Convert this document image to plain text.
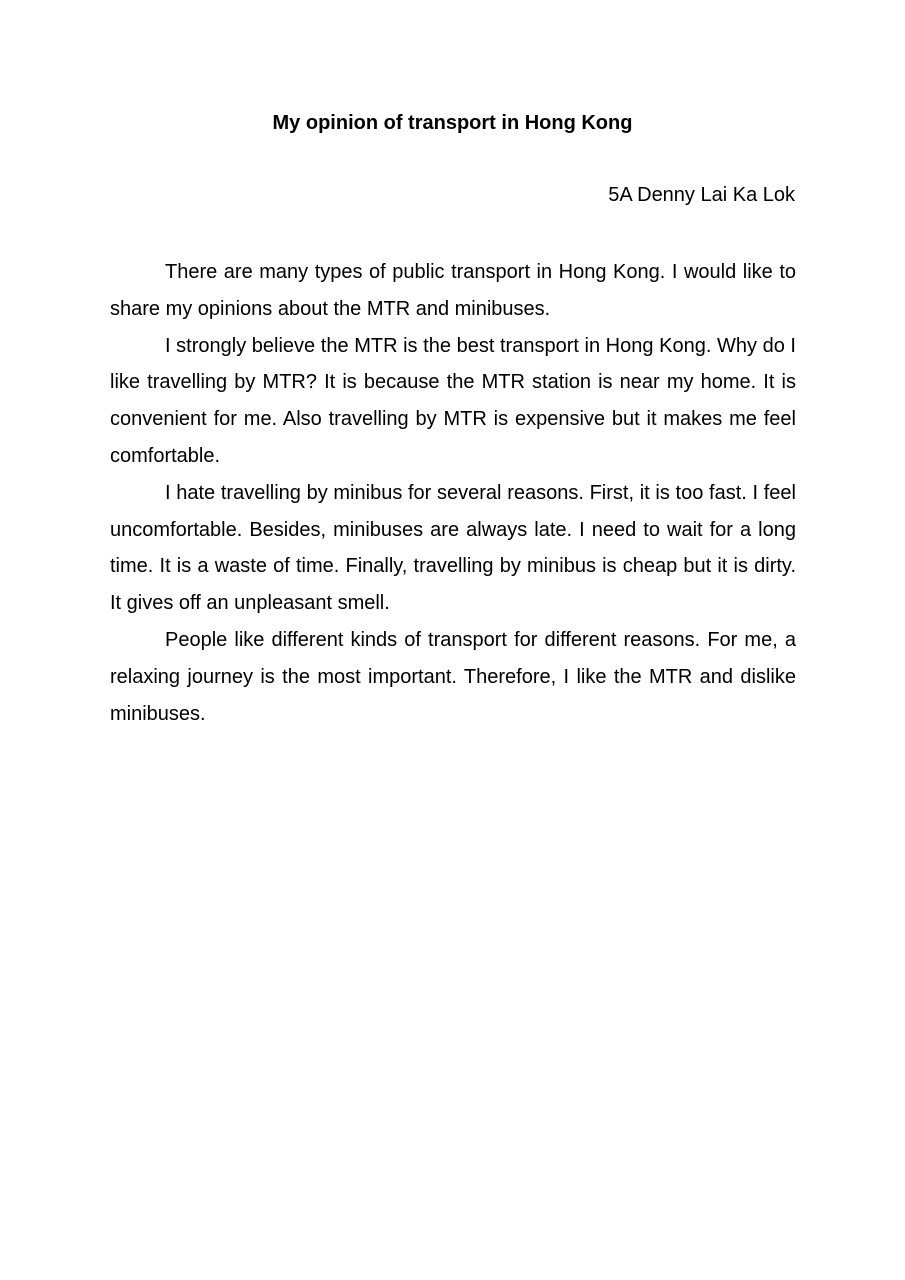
My opinion of transport in Hong Kong

5A Denny Lai Ka Lok

There are many types of public transport in Hong Kong. I would like to share my opinions about the MTR and minibuses.

I strongly believe the MTR is the best transport in Hong Kong. Why do I like travelling by MTR? It is because the MTR station is near my home. It is convenient for me. Also travelling by MTR is expensive but it makes me feel comfortable.

I hate travelling by minibus for several reasons. First, it is too fast. I feel uncomfortable. Besides, minibuses are always late. I need to wait for a long time. It is a waste of time. Finally, travelling by minibus is cheap but it is dirty. It gives off an unpleasant smell.

People like different kinds of transport for different reasons. For me, a relaxing journey is the most important. Therefore, I like the MTR and dislike minibuses.
